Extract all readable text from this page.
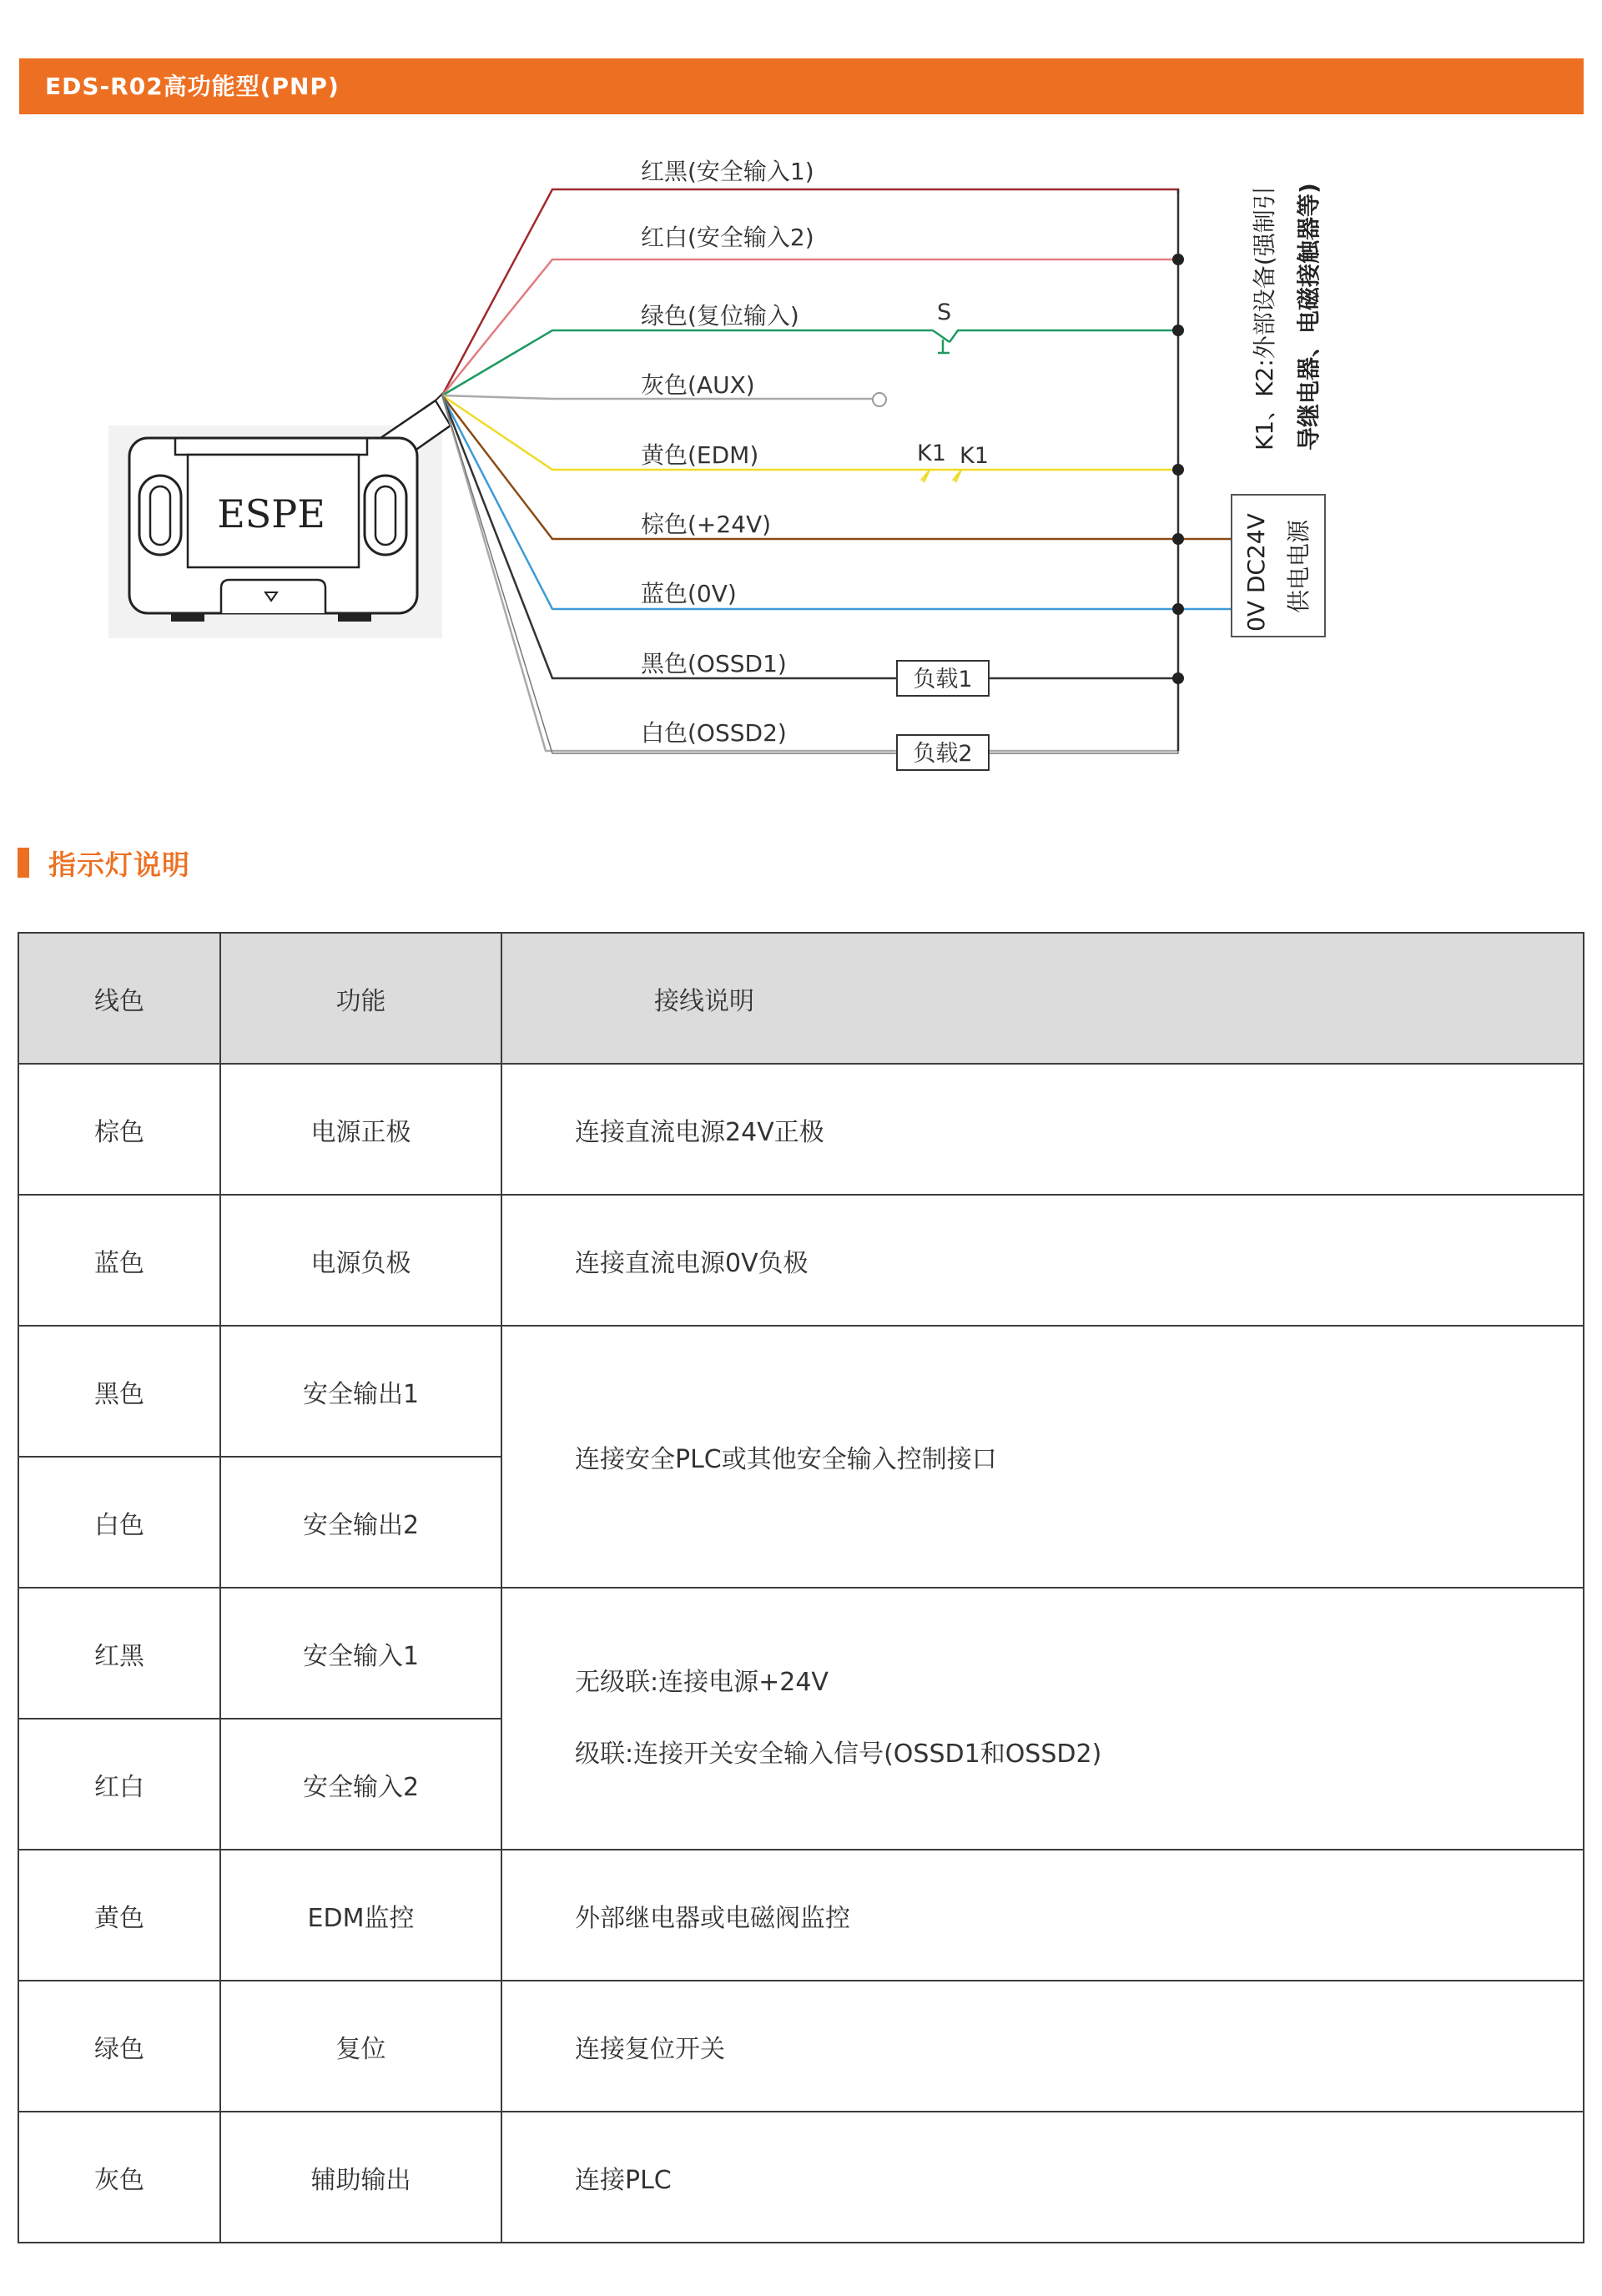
EDS-R02高功能型(PNP)
ESPE
负载1
负载2
0V DC24V 供电电源
K1、K2:外部设备(强制引 导继电器、电磁接触器等)
红黑(安全输入1)
红白(安全输入2)
绿色(复位输入)
灰色(AUX)
黄色(EDM)
棕色(+24V)
蓝色(0V)
黑色(OSSD1)
白色(OSSD2)
S
K1 K1
指示灯说明
线色	功能	接线说明
棕色	电源正极	连接直流电源24V正极
蓝色	电源负极	连接直流电源0V负极
黑色	安全输出1	连接安全PLC或其他安全输入控制接口
白色	安全输出2	
红黑	安全输入1	无级联:连接电源+24V
级联:连接开关安全输入信号(OSSD1和OSSD2)

红白	安全输入2	
黄色	EDM监控	外部继电器或电磁阀监控
绿色	复位	连接复位开关
灰色	辅助输出	连接PLC
